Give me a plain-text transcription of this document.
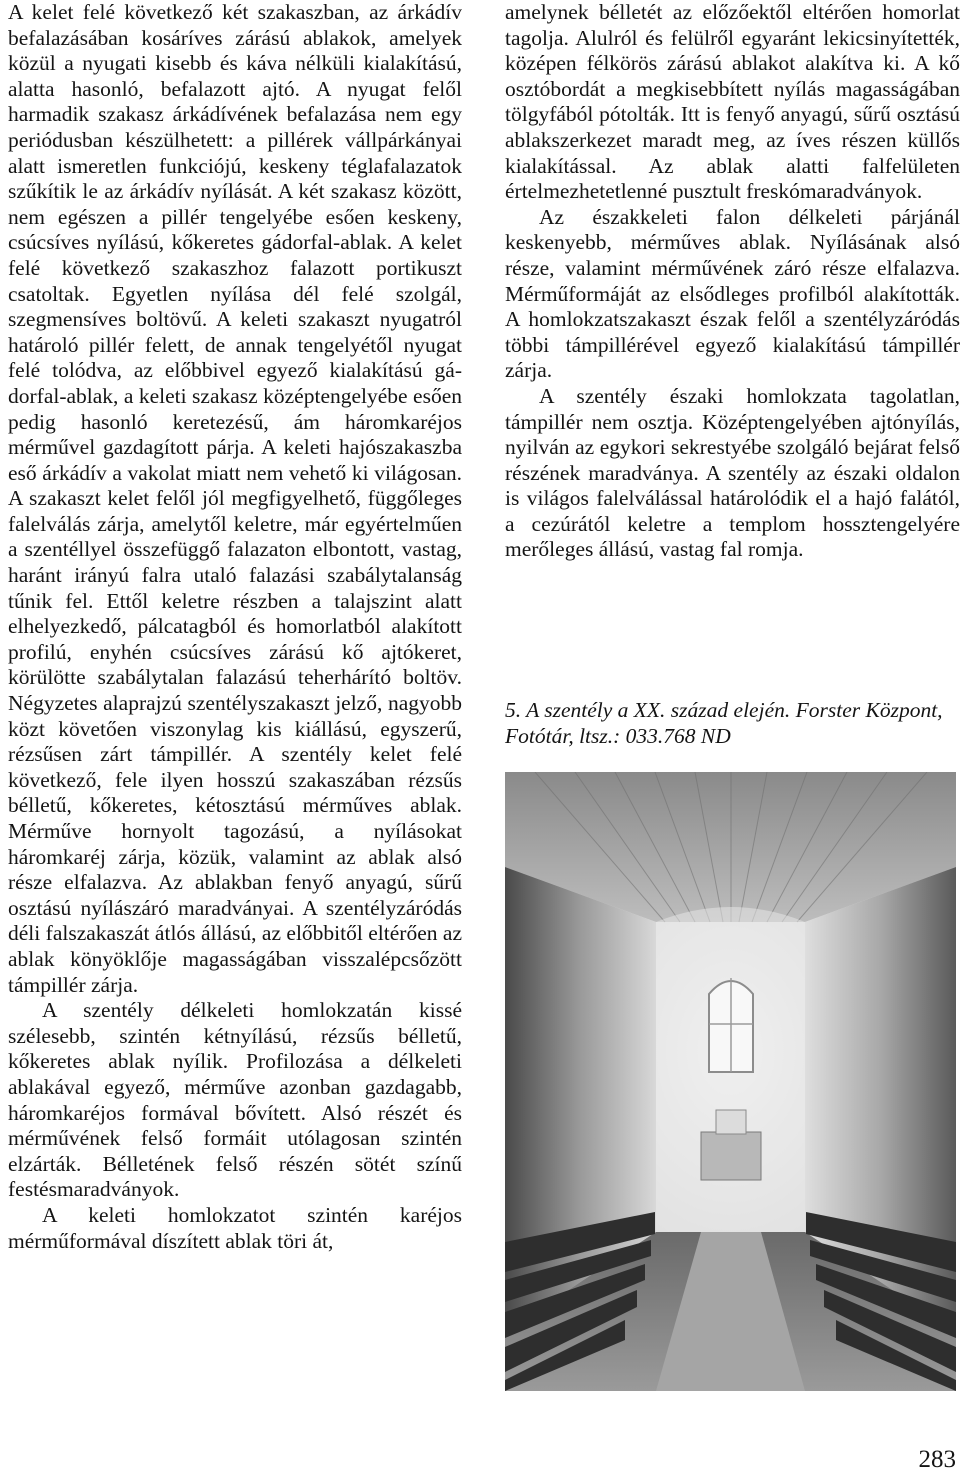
A kelet felé következő két szakaszban, az árkádív befalazásában kosáríves zárású ablakok, amelyek közül a nyugati kisebb és káva nélküli kialakítású, alatta hasonló, befalazott ajtó. A nyugat felől harmadik szakasz árkádívének befalazása nem egy periódusban készülhetett: a pillérek vállpárkányai alatt ismeretlen funkciójú, keskeny téglafalazatok szűkítik le az árkádív nyílását. A két szakasz között, nem egészen a pillér tengelyébe esően keskeny, csúcsíves nyílású, kőkeretes gádorfal-ablak. A kelet felé következő szakaszhoz falazott portikuszt csatoltak. Egyetlen nyílása dél felé szolgál, szegmensíves boltövű. A keleti szakaszt nyugatról határoló pillér felett, de annak tengelyétől nyugat felé tolódva, az előbbivel egyező kialakítású gádorfal-ablak, a keleti szakasz középtengelyébe esően pedig hasonló keretezésű, ám háromkaréjos mérművel gazdagított párja. A keleti hajószakaszba eső árkádív a vakolat miatt nem vehető ki világosan. A szakaszt kelet felől jól megfigyelhető, függőleges falelválás zárja, amelytől keletre, már egyértelműen a szentéllyel összefüggő falazaton elbontott, vastag, haránt irányú falra utaló falazási szabálytalanság tűnik fel. Ettől keletre részben a talajszint alatt elhelyezkedő, pálcatagból és homorlatból alakított profilú, enyhén csúcsíves zárású kő ajtókeret, körülötte szabálytalan falazású teherhárító boltöv. Négyzetes alaprajzú szentélyszakaszt jelző, nagyobb közt követően viszonylag kis kiállású, egyszerű, rézsűsen zárt támpillér. A szentély kelet felé következő, fele ilyen hosszú szakaszában rézsűs bélletű, kőkeretes, kétosztású mérműves ablak. Mérműve hornyolt tagozású, a nyílásokat háromkaréj zárja, közük, valamint az ablak alsó része elfalazva. Az ablakban fenyő anyagú, sűrű osztású nyílászáró maradványai. A szentélyzáródás déli falszakaszát átlós állású, az előbbitől eltérően az ablak könyöklője magasságában visszalépcsőzött támpillér zárja.

A szentély délkeleti homlokzatán kissé szélesebb, szintén kétnyílású, rézsűs bélletű, kőkeretes ablak nyílik. Profilozása a délkeleti ablakával egyező, mérműve azonban gazdagabb, háromkaréjos formával bővített. Alsó részét és mérművének felső formáit utólagosan szintén elzárták. Bélletének felső részén sötét színű festésmaradványok.

A keleti homlokzatot szintén karéjos mérműformával díszített ablak töri át,

amelynek bélletét az előzőektől eltérően homorlat tagolja. Alulról és felülről egyaránt lekicsinyítették, középen félkörös zárású ablakot alakítva ki. A kő osztóbordát a megkisebbített nyílás magasságában tölgyfából pótolták. Itt is fenyő anyagú, sűrű osztású ablakszerkezet maradt meg, az íves részen küllős kialakítással. Az ablak alatti falfelületen értelmezhetetlenné pusztult freskómaradványok.

Az északkeleti falon délkeleti párjánál keskenyebb, mérműves ablak. Nyílásának alsó része, valamint mérművének záró része elfalazva. Mérműformáját az elsődleges profilból alakították. A homlokzatszakaszt észak felől a szentélyzáródás többi támpillérével egyező kialakítású támpillér zárja.

A szentély északi homlokzata tagolatlan, támpillér nem osztja. Középtengelyében ajtónyílás, nyilván az egykori sekrestyébe szolgáló bejárat felső részének maradványa. A szentély az északi oldalon is világos falelválással határolódik el a hajó falától, a cezúrától keletre a templom hossztengelyére merőleges állású, vastag fal romja.

5. A szentély a XX. század elején. Forster Központ, Fotótár, ltsz.: 033.768 ND
283
